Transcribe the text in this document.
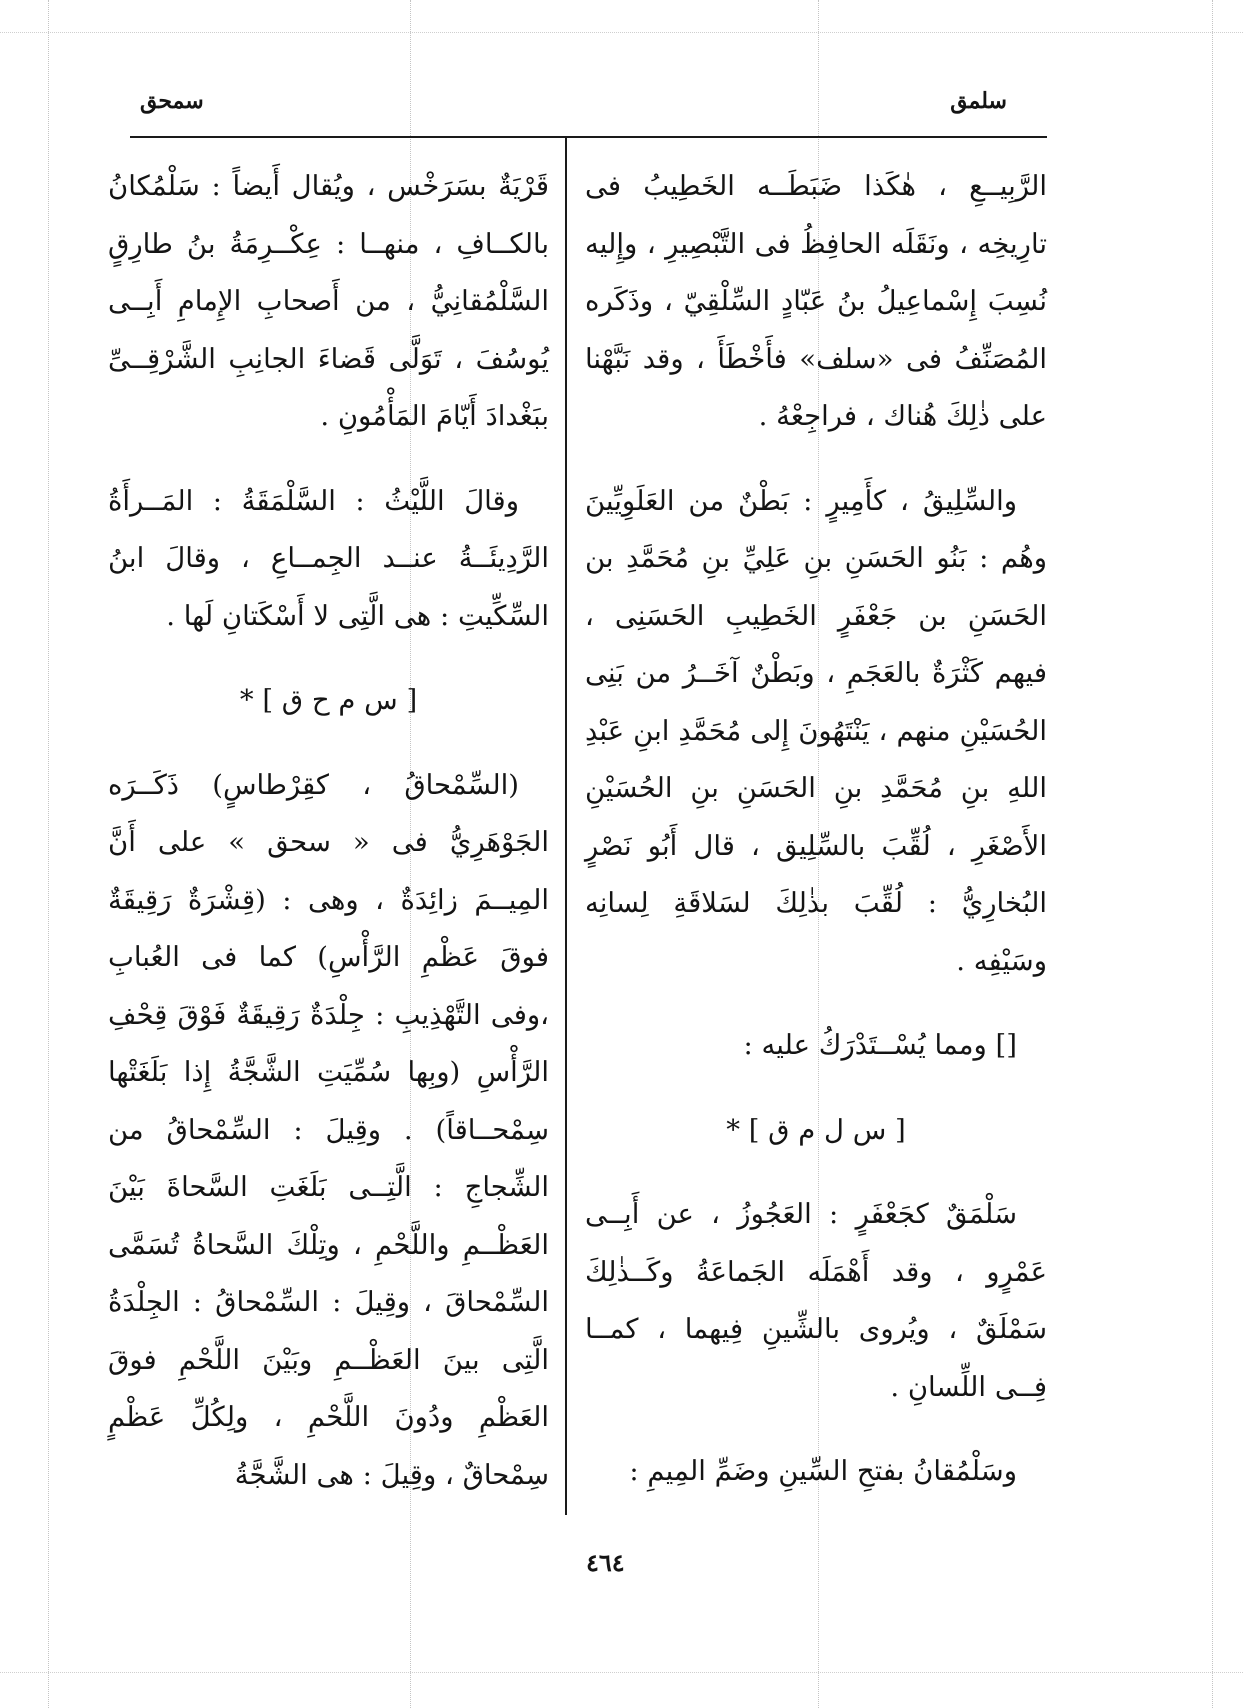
سلمق
سمحق

الرَّبِيــعِ ، هٰكَذا ضَبَطَــه الخَطِيبُ فى تارِيخِه ، ونَقَلَه الحافِظُ فى التَّبْصِيرِ ، وإِليه نُسِبَ إِسْماعِيلُ بنُ عَبّادٍ السِّلْقِيّ ، وذَكَره المُصَنِّفُ فى «سلف» فأَخْطَأَ ، وقد نَبَّهْنا على ذٰلِكَ هُناك ، فراجِعْهُ .

والسِّلِيقُ ، كأَمِيرٍ : بَطْنٌ من العَلَوِيِّينَ وهُم : بَنُو الحَسَنِ بنِ عَلِيِّ بنِ مُحَمَّدِ بن الحَسَنِ بن جَعْفَرٍ الخَطِيبِ الحَسَنِى ، فيهم كَثْرَةٌ بالعَجَمِ ، وبَطْنٌ آخَــرُ من بَنِى الحُسَيْنِ منهم ، يَنْتَهُونَ إِلى مُحَمَّدِ ابنِ عَبْدِ اللهِ بنِ مُحَمَّدِ بنِ الحَسَنِ بنِ الحُسَيْنِ الأَصْغَرِ ، لُقِّبَ بالسِّلِيق ، قال أَبُو نَصْرٍ البُخارِيُّ : لُقِّبَ بذٰلِكَ لسَلاقَةِ لِسانِه وسَيْفِه .

[] ومما يُسْــتَدْرَكُ عليه :

[ س ل م ق ] *

سَلْمَقٌ كجَعْفَرٍ : العَجُوزُ ، عن أَبِــى عَمْرٍو ، وقد أَهْمَلَه الجَماعَةُ وكَــذٰلِكَ سَمْلَقٌ ، ويُروى بالشِّينِ فِيهما ، كمــا فِــى اللِّسانِ .

وسَلْمُقانُ بفتحِ السِّينِ وضَمِّ المِيمِ :

قَرْيَةٌ بسَرَخْس ، ويُقال أَيضاً : سَلْمُكانُ بالكــافِ ، منهــا : عِكْــرِمَةُ بنُ طارِقٍ السَّلْمُقانِيُّ ، من أَصحابِ الإِمامِ أَبِــى يُوسُفَ ، تَوَلَّى قَضاءَ الجانِبِ الشَّرْقِــىِّ ببَغْدادَ أَيّامَ المَأْمُونِ .

وقالَ اللَّيْثُ : السَّلْمَقَةُ : المَــرأَةُ الرَّدِيئَــةُ عنــد الجِمــاعِ ، وقالَ ابنُ السِّكِّيتِ : هى الَّتِى لا أَسْكَتانِ لَها .

[ س م ح ق ] *

(السِّمْحاقُ ، كقِرْطاسٍ) ذَكَــرَه الجَوْهَرِيُّ فى « سحق » على أَنَّ المِيــمَ زائِدَةٌ ، وهى : (قِشْرَةٌ رَقِيقَةٌ فوقَ عَظْمِ الرَّأْسِ) كما فى العُبابِ ،وفى التَّهْذِيبِ : جِلْدَةٌ رَقِيقَةٌ فَوْقَ قِحْفِ الرَّأْسِ (وبِها سُمِّيَتِ الشَّجَّةُ إِذا بَلَغَتْها سِمْحــاقاً) . وقِيلَ : السِّمْحاقُ من الشِّجاجِ : الَّتِــى بَلَغَتِ السَّحاةَ بَيْنَ العَظْــمِ واللَّحْمِ ، وتِلْكَ السَّحاةُ تُسَمَّى السِّمْحاقَ ، وقِيلَ : السِّمْحاقُ : الجِلْدَةُ الَّتِى بينَ العَظْــمِ وبَيْنَ اللَّحْمِ فوقَ العَظْمِ ودُونَ اللَّحْمِ ، ولِكُلِّ عَظْمٍ سِمْحاقٌ ، وقِيلَ : هى الشَّجَّةُ

٤٦٤
